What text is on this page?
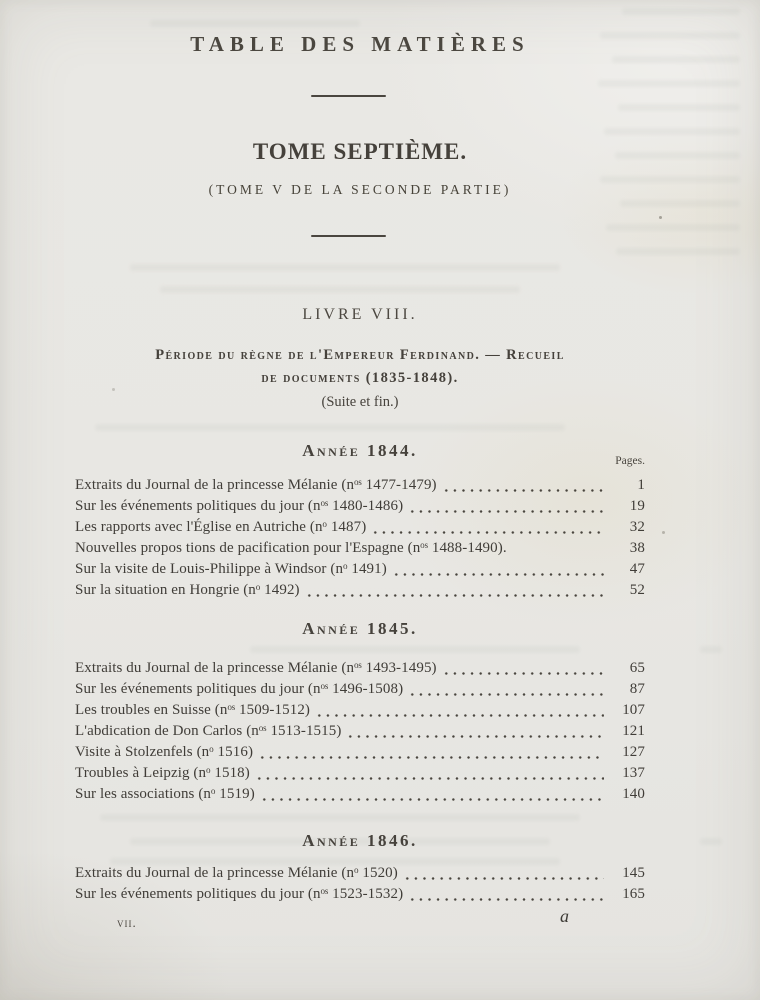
TABLE DES MATIÈRES
TOME SEPTIÈME.
(TOME V DE LA SECONDE PARTIE)
LIVRE VIII.
Période du règne de l'Empereur Ferdinand. — Recueil
de documents (1835-1848).
(Suite et fin.)
Année 1844.
Pages.
Extraits du Journal de la princesse Mélanie (nᵒˢ 1477-1479)	1
Sur les événements politiques du jour (nᵒˢ 1480-1486)	19
Les rapports avec l'Église en Autriche (nᵒ 1487)	32
Nouvelles propos tions de pacification pour l'Espagne (nᵒˢ 1488-1490).	38
Sur la visite de Louis-Philippe à Windsor (nᵒ 1491)	47
Sur la situation en Hongrie (nᵒ 1492)	52
Année 1845.
Extraits du Journal de la princesse Mélanie (nᵒˢ 1493-1495)	65
Sur les événements politiques du jour (nᵒˢ 1496-1508)	87
Les troubles en Suisse (nᵒˢ 1509-1512)	107
L'abdication de Don Carlos (nᵒˢ 1513-1515)	121
Visite à Stolzenfels (nᵒ 1516)	127
Troubles à Leipzig (nᵒ 1518)	137
Sur les associations (nᵒ 1519)	140
Année 1846.
Extraits du Journal de la princesse Mélanie (nᵒ 1520)	145
Sur les événements politiques du jour (nᵒˢ 1523-1532)	165
vii.	a
